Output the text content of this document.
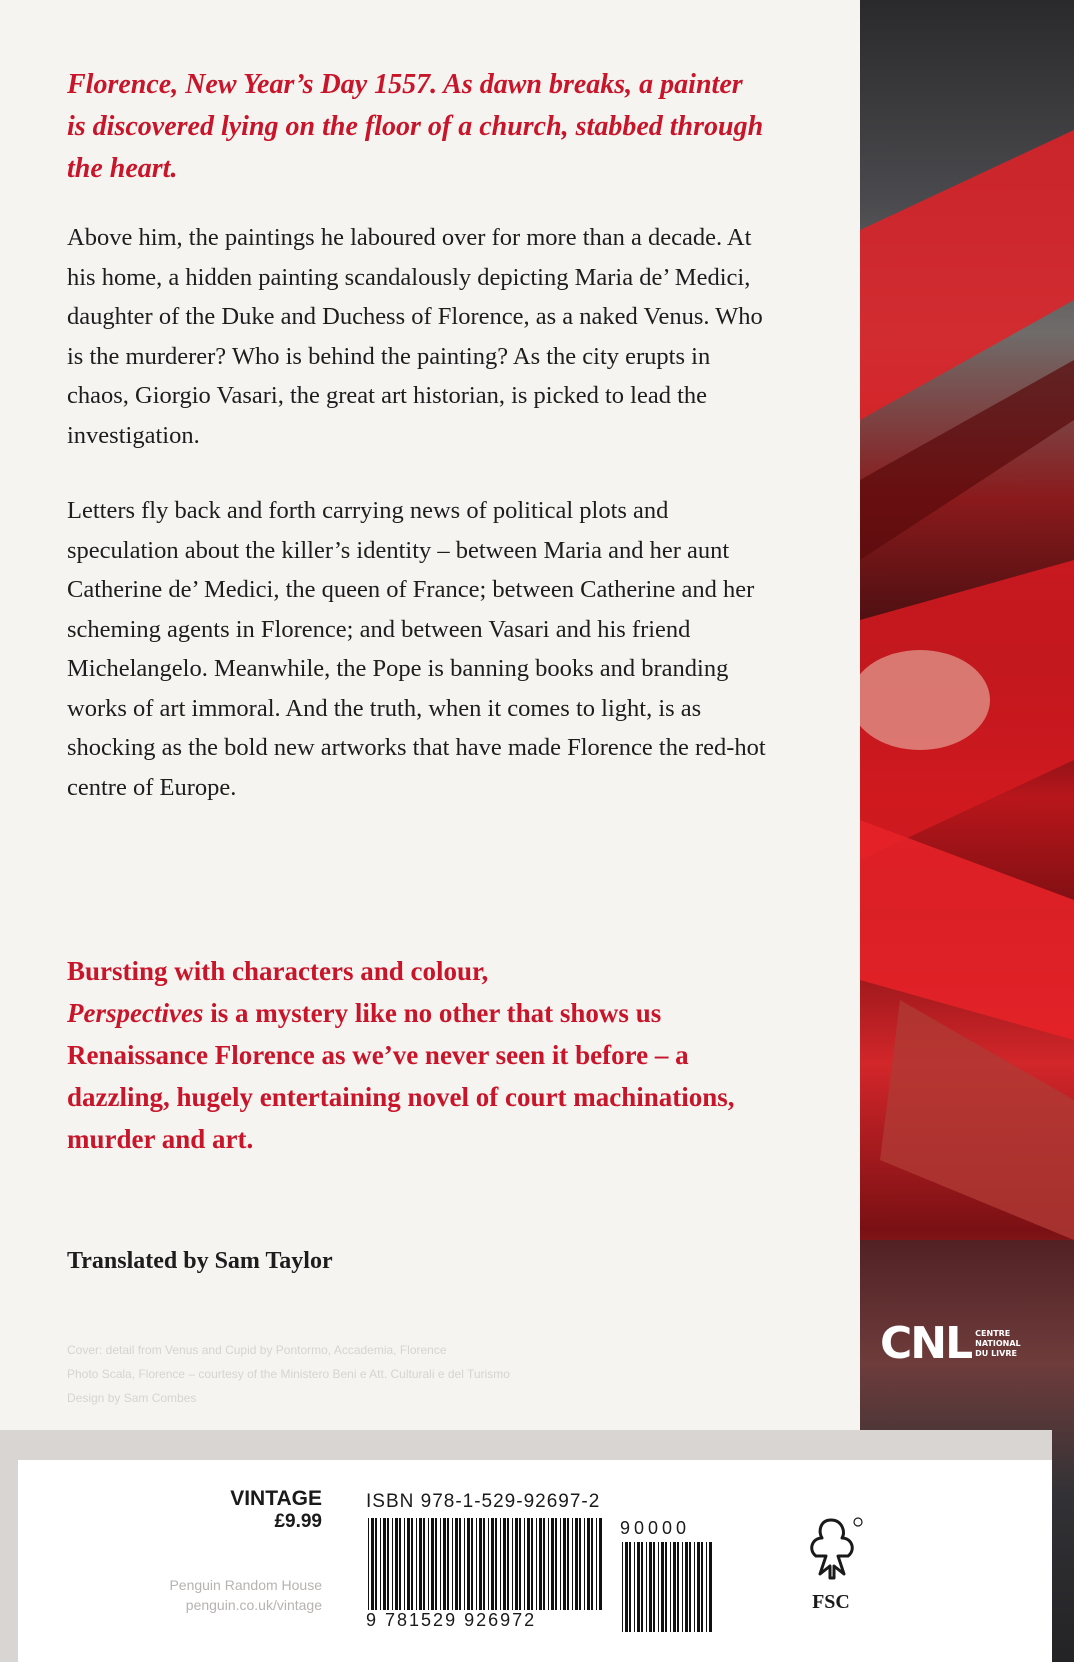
CNL CENTRE
NATIONAL
DU LIVRE

Florence, New Year’s Day 1557. As dawn breaks, a painter is discovered lying on the floor of a church, stabbed through the heart.

Above him, the paintings he laboured over for more than a decade. At his home, a hidden painting scandalously depicting Maria de’ Medici, daughter of the Duke and Duchess of Florence, as a naked Venus. Who is the murderer? Who is behind the painting? As the city erupts in chaos, Giorgio Vasari, the great art historian, is picked to lead the investigation.

Letters fly back and forth carrying news of political plots and speculation about the killer’s identity – between Maria and her aunt Catherine de’ Medici, the queen of France; between Catherine and her scheming agents in Florence; and between Vasari and his friend Michelangelo. Meanwhile, the Pope is banning books and branding works of art immoral. And the truth, when it comes to light, is as shocking as the bold new artworks that have made Florence the red-hot centre of Europe.

Bursting with characters and colour,
Perspectives is a mystery like no other that shows us Renaissance Florence as we’ve never seen it before – a dazzling, hugely entertaining novel of court machinations, murder and art.

Translated by Sam Taylor

Cover: detail from Venus and Cupid by Pontormo, Accademia, Florence
Photo Scala, Florence – courtesy of the Ministero Beni e Att. Culturali e del Turismo
Design by Sam Combes
VINTAGE
£9.99
Penguin Random House
penguin.co.uk/vintage
ISBN 978-1-529-92697-2
9 781529 926972
90000
FSC
